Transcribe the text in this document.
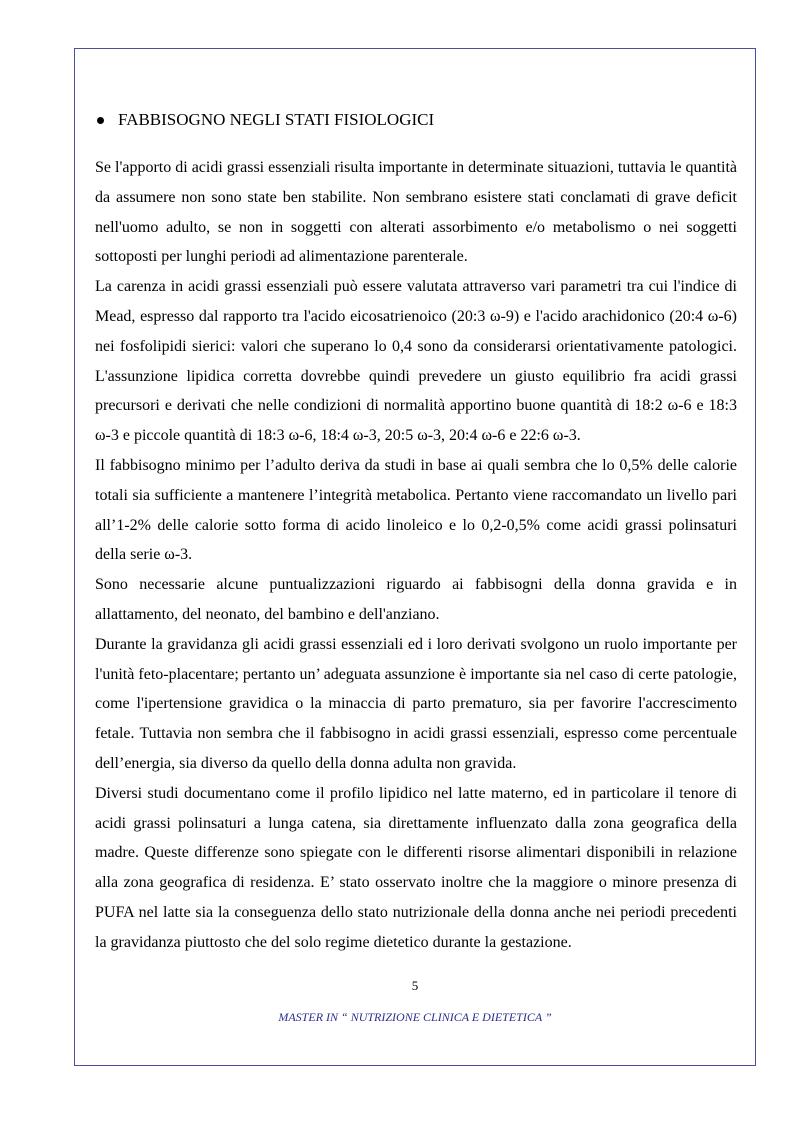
FABBISOGNO NEGLI STATI FISIOLOGICI

Se l'apporto di acidi grassi essenziali risulta importante in determinate situazioni, tuttavia le quantità da assumere non sono state ben stabilite. Non sembrano esistere stati conclamati di grave deficit nell'uomo adulto, se non in soggetti con alterati assorbimento e/o metabolismo o nei soggetti sottoposti per lunghi periodi ad alimentazione parenterale.

La carenza in acidi grassi essenziali può essere valutata attraverso vari parametri tra cui l'indice di Mead, espresso dal rapporto tra l'acido eicosatrienoico (20:3 ω-9) e l'acido arachidonico (20:4 ω-6) nei fosfolipidi sierici: valori che superano lo 0,4 sono da considerarsi orientativamente patologici. L'assunzione lipidica corretta dovrebbe quindi prevedere un giusto equilibrio fra acidi grassi precursori e derivati che nelle condizioni di normalità apportino buone quantità di 18:2 ω-6 e 18:3 ω-3 e piccole quantità di 18:3 ω-6, 18:4 ω-3, 20:5 ω-3, 20:4 ω-6 e 22:6 ω-3.

Il fabbisogno minimo per l’adulto deriva da studi in base ai quali sembra che lo 0,5% delle calorie totali sia sufficiente a mantenere l’integrità metabolica. Pertanto viene raccomandato un livello pari all’1-2% delle calorie sotto forma di acido linoleico e lo 0,2-0,5% come acidi grassi polinsaturi della serie ω-3.

Sono necessarie alcune puntualizzazioni riguardo ai fabbisogni della donna gravida e in allattamento, del neonato, del bambino e dell'anziano.

Durante la gravidanza gli acidi grassi essenziali ed i loro derivati svolgono un ruolo importante per l'unità feto-placentare; pertanto un’ adeguata assunzione è importante sia nel caso di certe patologie, come l'ipertensione gravidica o la minaccia di parto prematuro, sia per favorire l'accrescimento fetale. Tuttavia non sembra che il fabbisogno in acidi grassi essenziali, espresso come percentuale dell’energia, sia diverso da quello della donna adulta non gravida.

Diversi studi documentano come il profilo lipidico nel latte materno, ed in particolare il tenore di acidi grassi polinsaturi a lunga catena, sia direttamente influenzato dalla zona geografica della madre. Queste differenze sono spiegate con le differenti risorse alimentari disponibili in relazione alla zona geografica di residenza. E’ stato osservato inoltre che la maggiore o minore presenza di PUFA nel latte sia la conseguenza dello stato nutrizionale della donna anche nei periodi precedenti la gravidanza piuttosto che del solo regime dietetico durante la gestazione.

5
MASTER IN “ NUTRIZIONE CLINICA E DIETETICA ”
